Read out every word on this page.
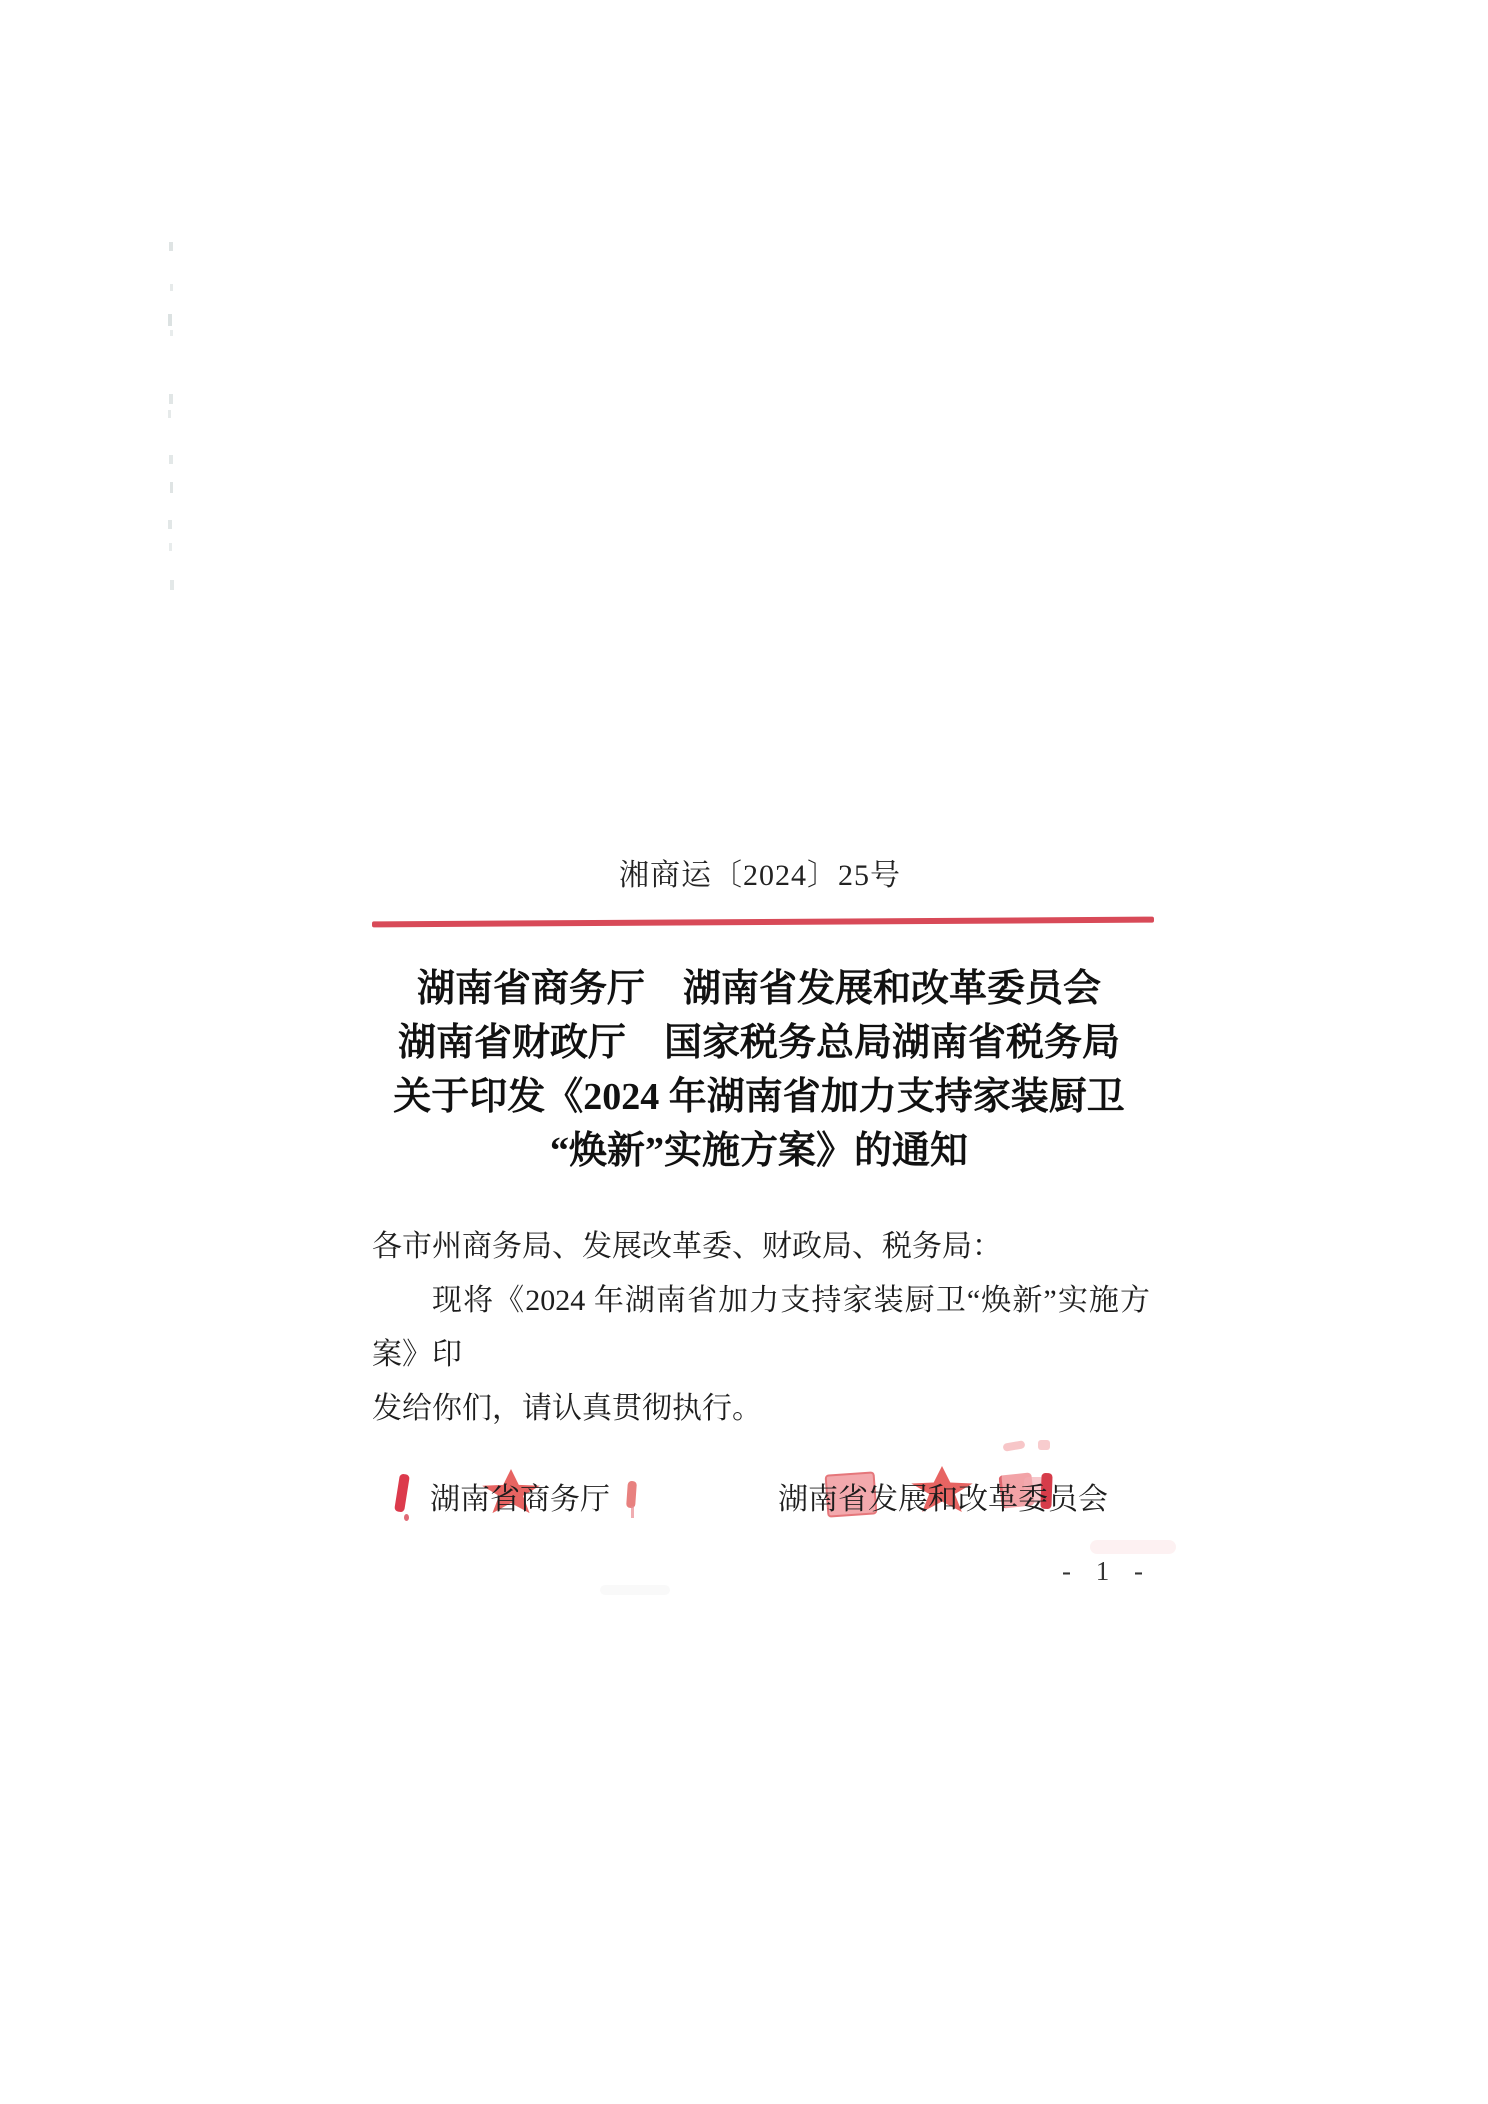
湘商运〔2024〕25号
湖南省商务厅　湖南省发展和改革委员会
湖南省财政厅　国家税务总局湖南省税务局
关于印发《2024 年湖南省加力支持家装厨卫
“焕新”实施方案》的通知
各市州商务局、发展改革委、财政局、税务局：
现将《2024 年湖南省加力支持家装厨卫“焕新”实施方案》印
发给你们，请认真贯彻执行。
湖南省商务厅	湖南省发展和改革委员会
- 1 -
